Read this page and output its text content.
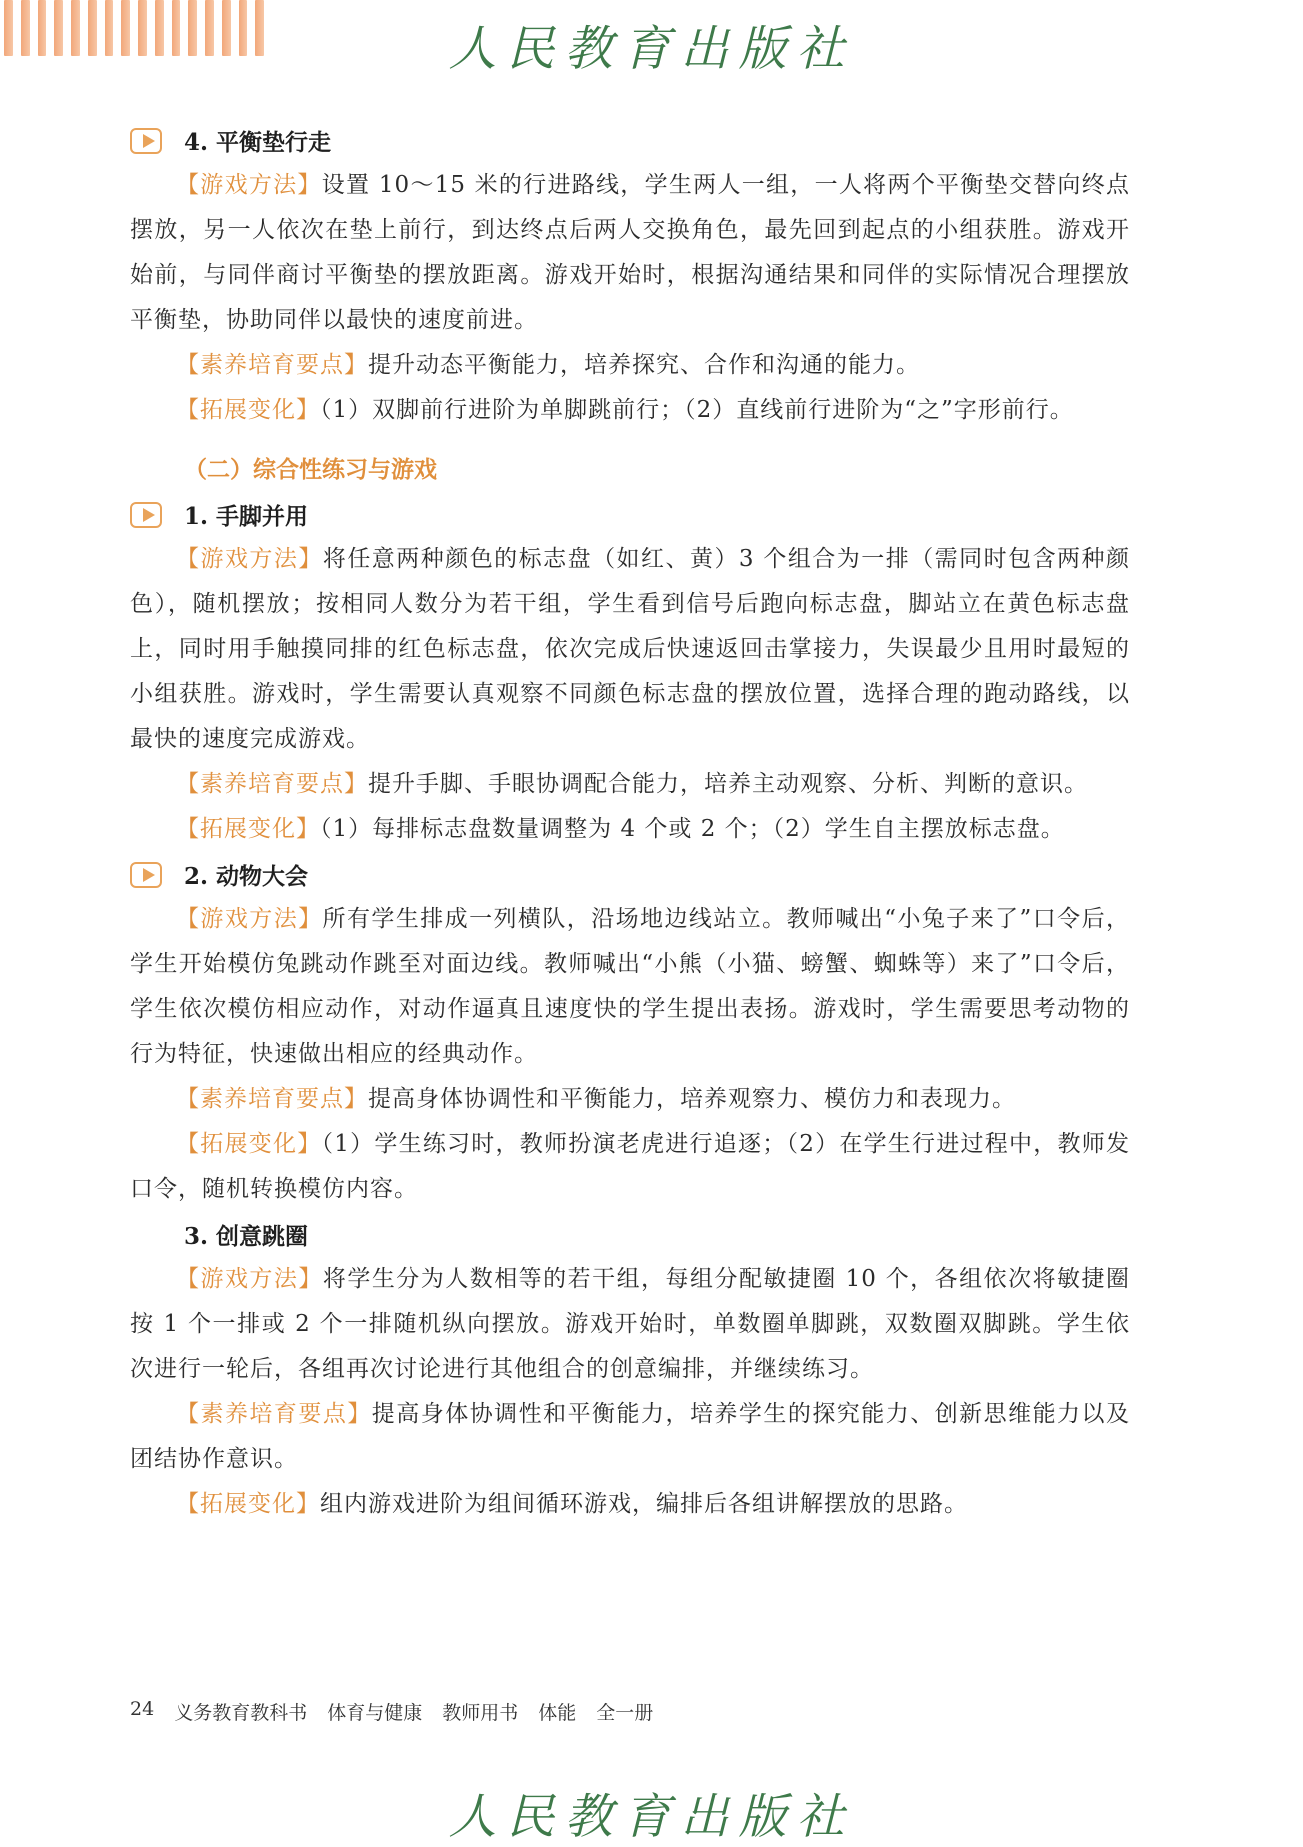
人民教育出版社
4. 平衡垫行走

【游戏方法】设置 10～15 米的行进路线，学生两人一组，一人将两个平衡垫交替向终点摆放，另一人依次在垫上前行，到达终点后两人交换角色，最先回到起点的小组获胜。游戏开始前，与同伴商讨平衡垫的摆放距离。游戏开始时，根据沟通结果和同伴的实际情况合理摆放平衡垫，协助同伴以最快的速度前进。

【素养培育要点】提升动态平衡能力，培养探究、合作和沟通的能力。

【拓展变化】（1）双脚前行进阶为单脚跳前行；（2）直线前行进阶为“之”字形前行。

（二）综合性练习与游戏
1. 手脚并用

【游戏方法】将任意两种颜色的标志盘（如红、黄）3 个组合为一排（需同时包含两种颜色），随机摆放；按相同人数分为若干组，学生看到信号后跑向标志盘，脚站立在黄色标志盘上，同时用手触摸同排的红色标志盘，依次完成后快速返回击掌接力，失误最少且用时最短的小组获胜。游戏时，学生需要认真观察不同颜色标志盘的摆放位置，选择合理的跑动路线，以最快的速度完成游戏。

【素养培育要点】提升手脚、手眼协调配合能力，培养主动观察、分析、判断的意识。

【拓展变化】（1）每排标志盘数量调整为 4 个或 2 个；（2）学生自主摆放标志盘。

2. 动物大会

【游戏方法】所有学生排成一列横队，沿场地边线站立。教师喊出“小兔子来了”口令后，学生开始模仿兔跳动作跳至对面边线。教师喊出“小熊（小猫、螃蟹、蜘蛛等）来了”口令后，学生依次模仿相应动作，对动作逼真且速度快的学生提出表扬。游戏时，学生需要思考动物的行为特征，快速做出相应的经典动作。

【素养培育要点】提高身体协调性和平衡能力，培养观察力、模仿力和表现力。

【拓展变化】（1）学生练习时，教师扮演老虎进行追逐；（2）在学生行进过程中，教师发口令，随机转换模仿内容。

3. 创意跳圈

【游戏方法】将学生分为人数相等的若干组，每组分配敏捷圈 10 个，各组依次将敏捷圈按 1 个一排或 2 个一排随机纵向摆放。游戏开始时，单数圈单脚跳，双数圈双脚跳。学生依次进行一轮后，各组再次讨论进行其他组合的创意编排，并继续练习。

【素养培育要点】提高身体协调性和平衡能力，培养学生的探究能力、创新思维能力以及团结协作意识。

【拓展变化】组内游戏进阶为组间循环游戏，编排后各组讲解摆放的思路。

24 义务教育教科书 体育与健康 教师用书 体能 全一册
人民教育出版社
